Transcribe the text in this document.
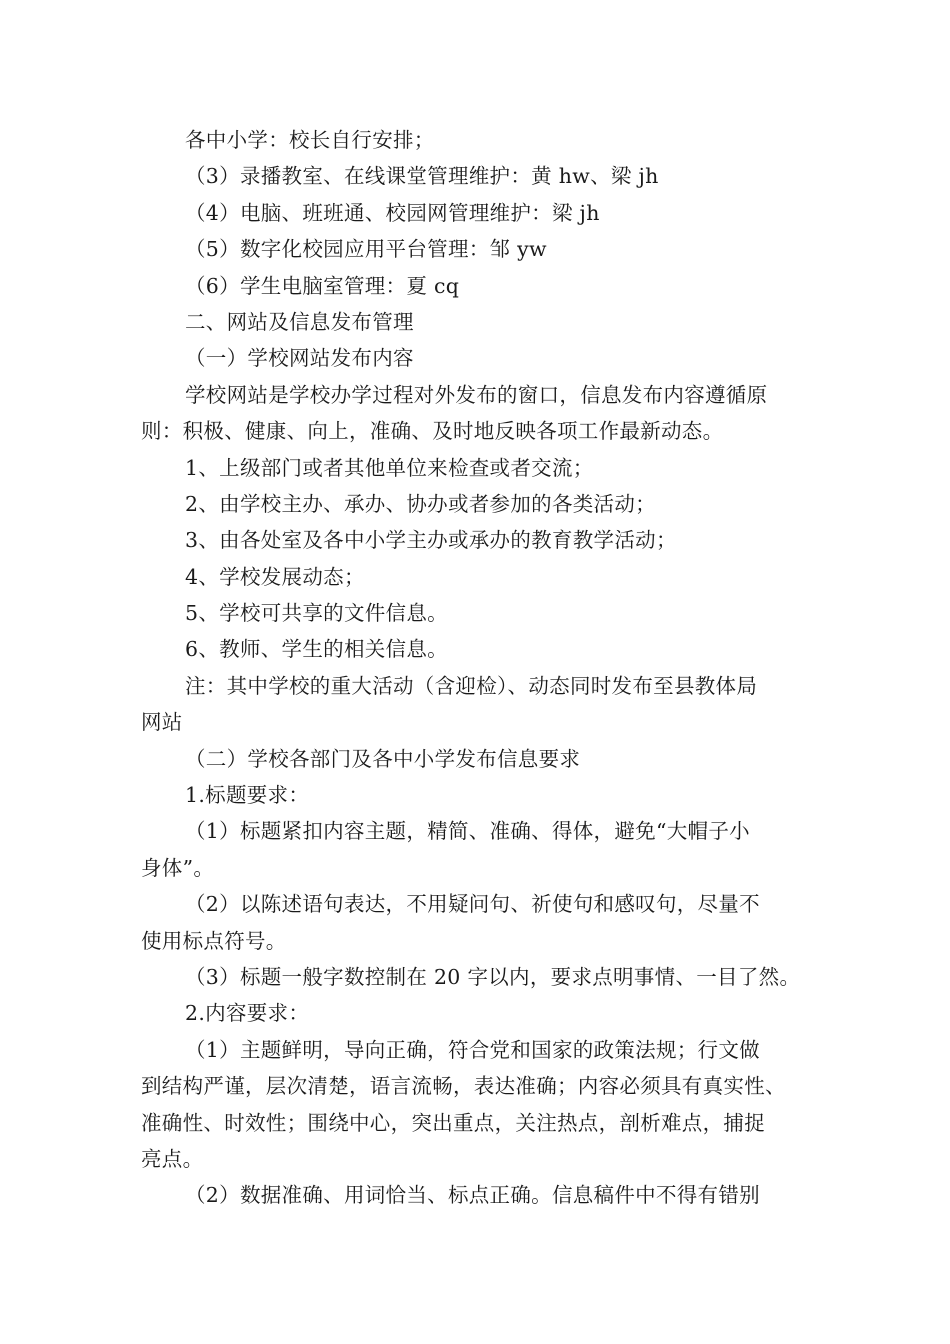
各中小学：校长自行安排；
（3）录播教室、在线课堂管理维护：黄 hw、梁 jh
（4）电脑、班班通、校园网管理维护：梁 jh
（5）数字化校园应用平台管理：邹 yw
（6）学生电脑室管理：夏 cq
二、网站及信息发布管理
（一）学校网站发布内容
学校网站是学校办学过程对外发布的窗口，信息发布内容遵循原
则：积极、健康、向上，准确、及时地反映各项工作最新动态。
1、上级部门或者其他单位来检查或者交流；
2、由学校主办、承办、协办或者参加的各类活动；
3、由各处室及各中小学主办或承办的教育教学活动；
4、学校发展动态；
5、学校可共享的文件信息。
6、教师、学生的相关信息。
注：其中学校的重大活动（含迎检）、动态同时发布至县教体局
网站
（二）学校各部门及各中小学发布信息要求
1.标题要求：
（1）标题紧扣内容主题，精简、准确、得体，避免“大帽子小
身体”。
（2）以陈述语句表达，不用疑问句、祈使句和感叹句，尽量不
使用标点符号。
（3）标题一般字数控制在 20 字以内，要求点明事情、一目了然。
2.内容要求：
（1）主题鲜明，导向正确，符合党和国家的政策法规；行文做
到结构严谨，层次清楚，语言流畅，表达准确；内容必须具有真实性、
准确性、时效性；围绕中心，突出重点，关注热点，剖析难点，捕捉
亮点。
（2）数据准确、用词恰当、标点正确。信息稿件中不得有错别
